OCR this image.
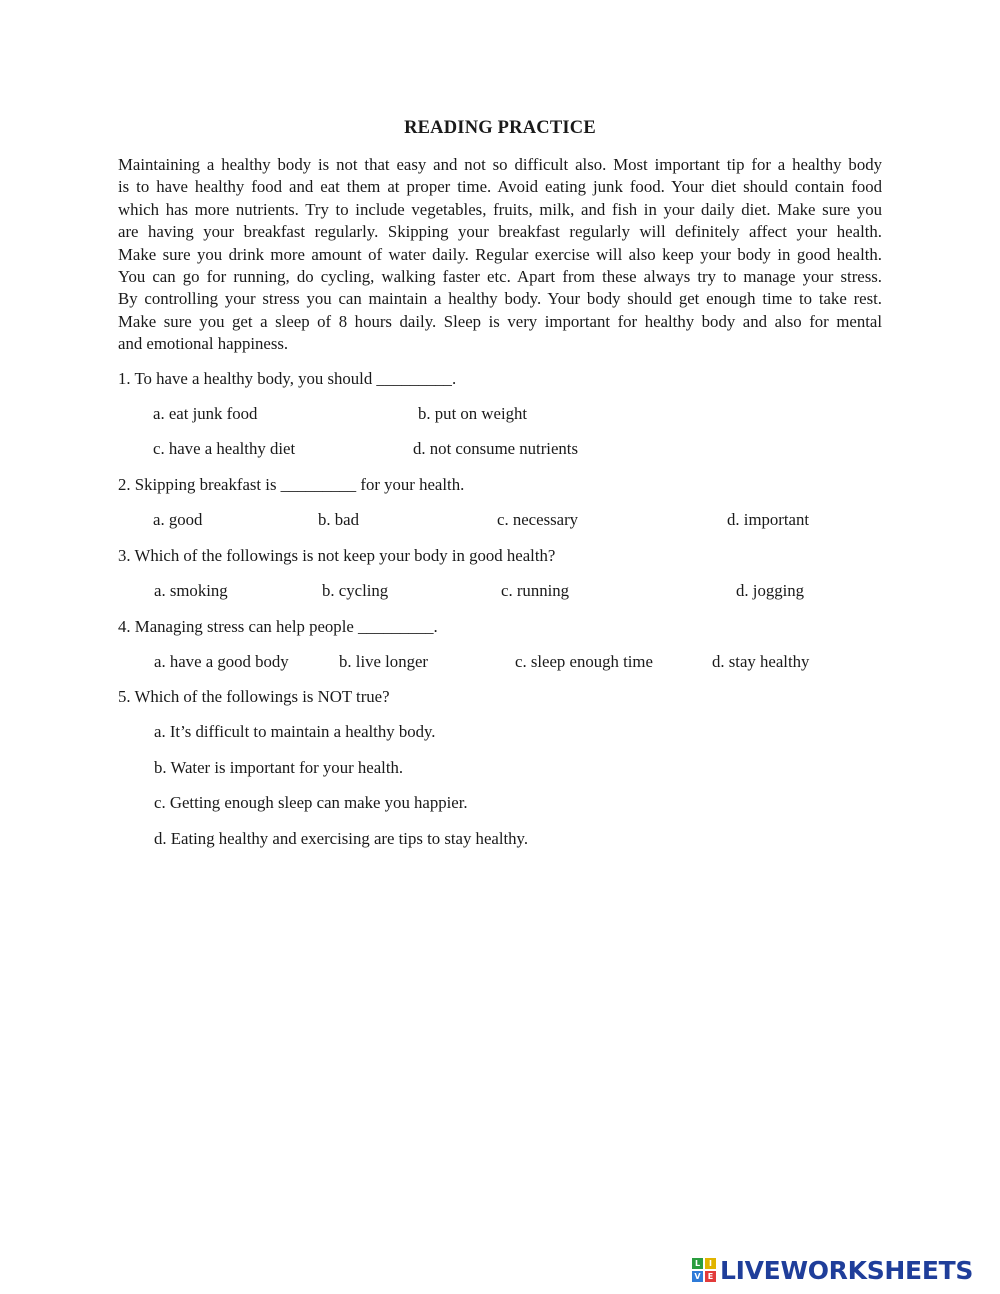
READING PRACTICE
Maintaining a healthy body is not that easy and not so difficult also. Most important tip for a healthy body
is to have healthy food and eat them at proper time. Avoid eating junk food. Your diet should contain food
which has more nutrients. Try to include vegetables, fruits, milk, and fish in your daily diet. Make sure you
are having your breakfast regularly. Skipping your breakfast regularly will definitely affect your health.
Make sure you drink more amount of water daily. Regular exercise will also keep your body in good health.
You can go for running, do cycling, walking faster etc. Apart from these always try to manage your stress.
By controlling your stress you can maintain a healthy body. Your body should get enough time to take rest.
Make sure you get a sleep of 8 hours daily. Sleep is very important for healthy body and also for mental
and emotional happiness.
1. To have a healthy body, you should _________.
a. eat junk food	b. put on weight
c. have a healthy diet	d. not consume nutrients
2. Skipping breakfast is _________ for your health.
a. good	b. bad	c. necessary	d. important
3. Which of the followings is not keep your body in good health?
a. smoking	b. cycling	c. running	d. jogging
4. Managing stress can help people _________.
a. have a good body	b. live longer	c. sleep enough time	d. stay healthy
5. Which of the followings is NOT true?
a. It’s difficult to maintain a healthy body.
b. Water is important for your health.
c. Getting enough sleep can make you happier.
d. Eating healthy and exercising are tips to stay healthy.
L	I
V E LIVEWORKSHEETS
